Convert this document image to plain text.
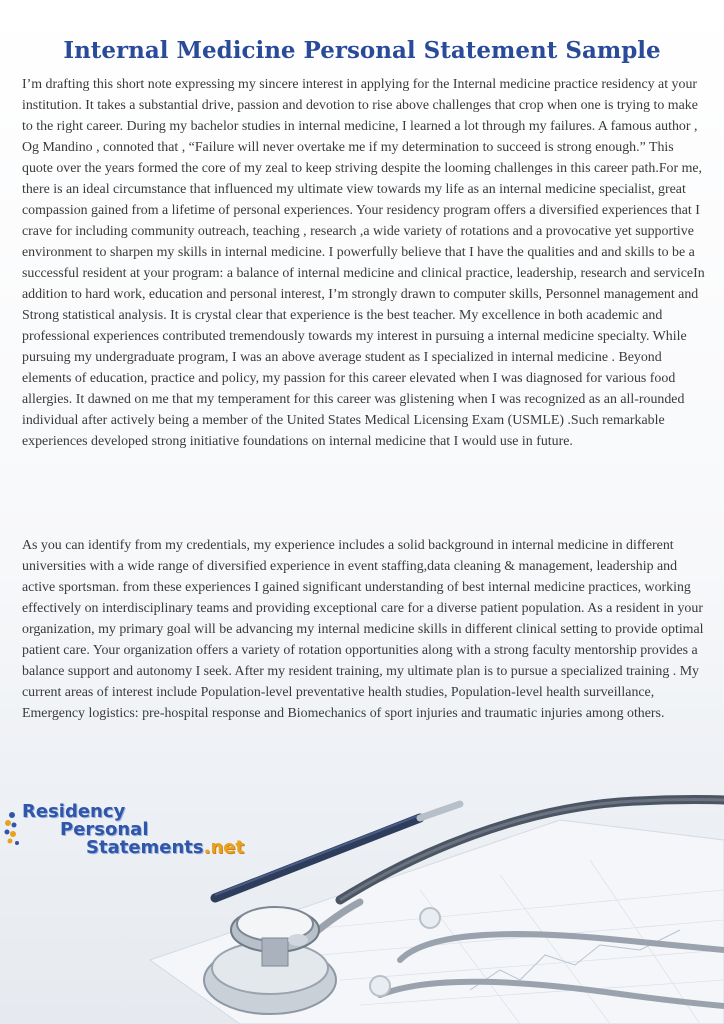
Internal Medicine Personal Statement Sample

I’m drafting this short note expressing my sincere interest in applying for the Internal medicine practice residency at your institution. It takes a substantial drive, passion and devotion to rise above challenges that crop when one is trying to make to the right career. During my bachelor studies in internal medicine, I learned a lot through my failures. A famous author , Og Mandino , connoted that , “Failure will never overtake me if my determination to succeed is strong enough.” This quote over the years formed the core of my zeal to keep striving despite the looming challenges in this career path.For me, there is an ideal circumstance that influenced my ultimate view towards my life as an internal medicine specialist, great compassion gained from a lifetime of personal experiences. Your residency program offers a diversified experiences that I crave for including community outreach, teaching , research ,a wide variety of rotations and a provocative yet supportive environment to sharpen my skills in internal medicine. I powerfully believe that I have the qualities and and skills to be a successful resident at your program: a balance of internal medicine and clinical practice, leadership, research and serviceIn addition to hard work, education and personal interest, I’m strongly drawn to computer skills, Personnel management and Strong statistical analysis. It is crystal clear that experience is the best teacher. My excellence in both academic and professional experiences contributed tremendously towards my interest in pursuing a internal medicine specialty. While pursuing my undergraduate program, I was an above average student as I specialized in internal medicine . Beyond elements of education, practice and policy, my passion for this career elevated when I was diagnosed for various food allergies. It dawned on me that my temperament for this career was glistening when I was recognized as an all-rounded individual after actively being a member of the United States Medical Licensing Exam (USMLE) .Such remarkable experiences developed strong initiative foundations on internal medicine that I would use in future.

As you can identify from my credentials, my experience includes a solid background in internal medicine in different universities with a wide range of diversified experience in event staffing,data cleaning & management, leadership and active sportsman. from these experiences I gained significant understanding of best internal medicine practices, working effectively on interdisciplinary teams and providing exceptional care for a diverse patient population. As a resident in your organization, my primary goal will be advancing my internal medicine skills in different clinical setting to provide optimal patient care. Your organization offers a variety of rotation opportunities along with a strong faculty mentorship provides a balance support and autonomy I seek. After my resident training, my ultimate plan is to pursue a specialized training . My current areas of interest include Population-level preventative health studies, Population-level health surveillance, Emergency logistics: pre-hospital response and Biomechanics of sport injuries and traumatic injuries among others.

Residency
Personal
Statements.net
